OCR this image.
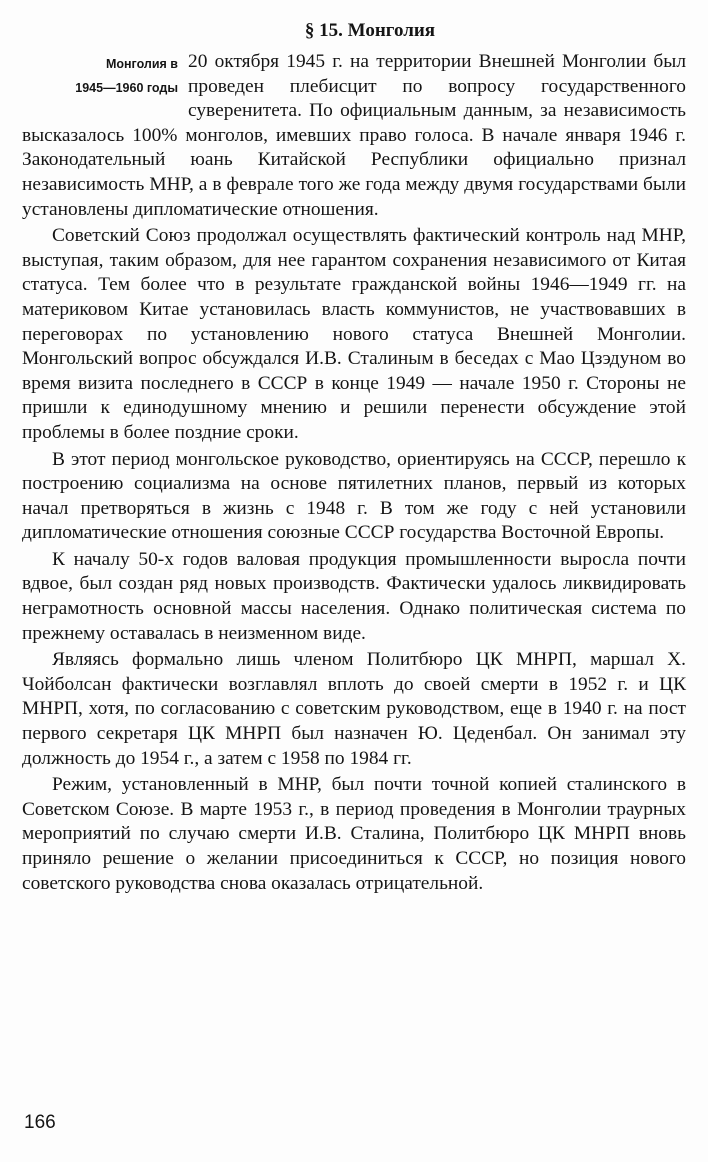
§ 15. Монголия
Монголия в
1945—1960 годы

20 октября 1945 г. на территории Внешней Монголии был проведен плебисцит по вопросу государственного суверенитета. По официальным данным, за независимость высказалось 100% монголов, имевших право голоса. В начале января 1946 г. Законодательный юань Китайской Республики официально признал независимость МНР, а в феврале того же года между двумя государствами были установлены дипломатические отношения.

Советский Союз продолжал осуществлять фактический контроль над МНР, выступая, таким образом, для нее гарантом сохранения независимого от Китая статуса. Тем более что в результате гражданской войны 1946—1949 гг. на материковом Китае установилась власть коммунистов, не участвовавших в переговорах по установлению нового статуса Внешней Монголии. Монгольский вопрос обсуждался И.В. Сталиным в беседах с Мао Цзэдуном во время визита последнего в СССР в конце 1949 — начале 1950 г. Стороны не пришли к единодушному мнению и решили перенести обсуждение этой проблемы в более поздние сроки.

В этот период монгольское руководство, ориентируясь на СССР, перешло к построению социализма на основе пятилетних планов, первый из которых начал претворяться в жизнь с 1948 г. В том же году с ней установили дипломатические отношения союзные СССР государства Восточной Европы.

К началу 50-х годов валовая продукция промышленности выросла почти вдвое, был создан ряд новых производств. Фактически удалось ликвидировать неграмотность основной массы населения. Однако политическая система по прежнему оставалась в неизменном виде.

Являясь формально лишь членом Политбюро ЦК МНРП, маршал Х. Чойболсан фактически возглавлял вплоть до своей смерти в 1952 г. и ЦК МНРП, хотя, по согласованию с советским руководством, еще в 1940 г. на пост первого секретаря ЦК МНРП был назначен Ю. Цеденбал. Он занимал эту должность до 1954 г., а затем с 1958 по 1984 гг.

Режим, установленный в МНР, был почти точной копией сталинского в Советском Союзе. В марте 1953 г., в период проведения в Монголии траурных мероприятий по случаю смерти И.В. Сталина, Политбюро ЦК МНРП вновь приняло решение о желании присоединиться к СССР, но позиция нового советского руководства снова оказалась отрицательной.

166
